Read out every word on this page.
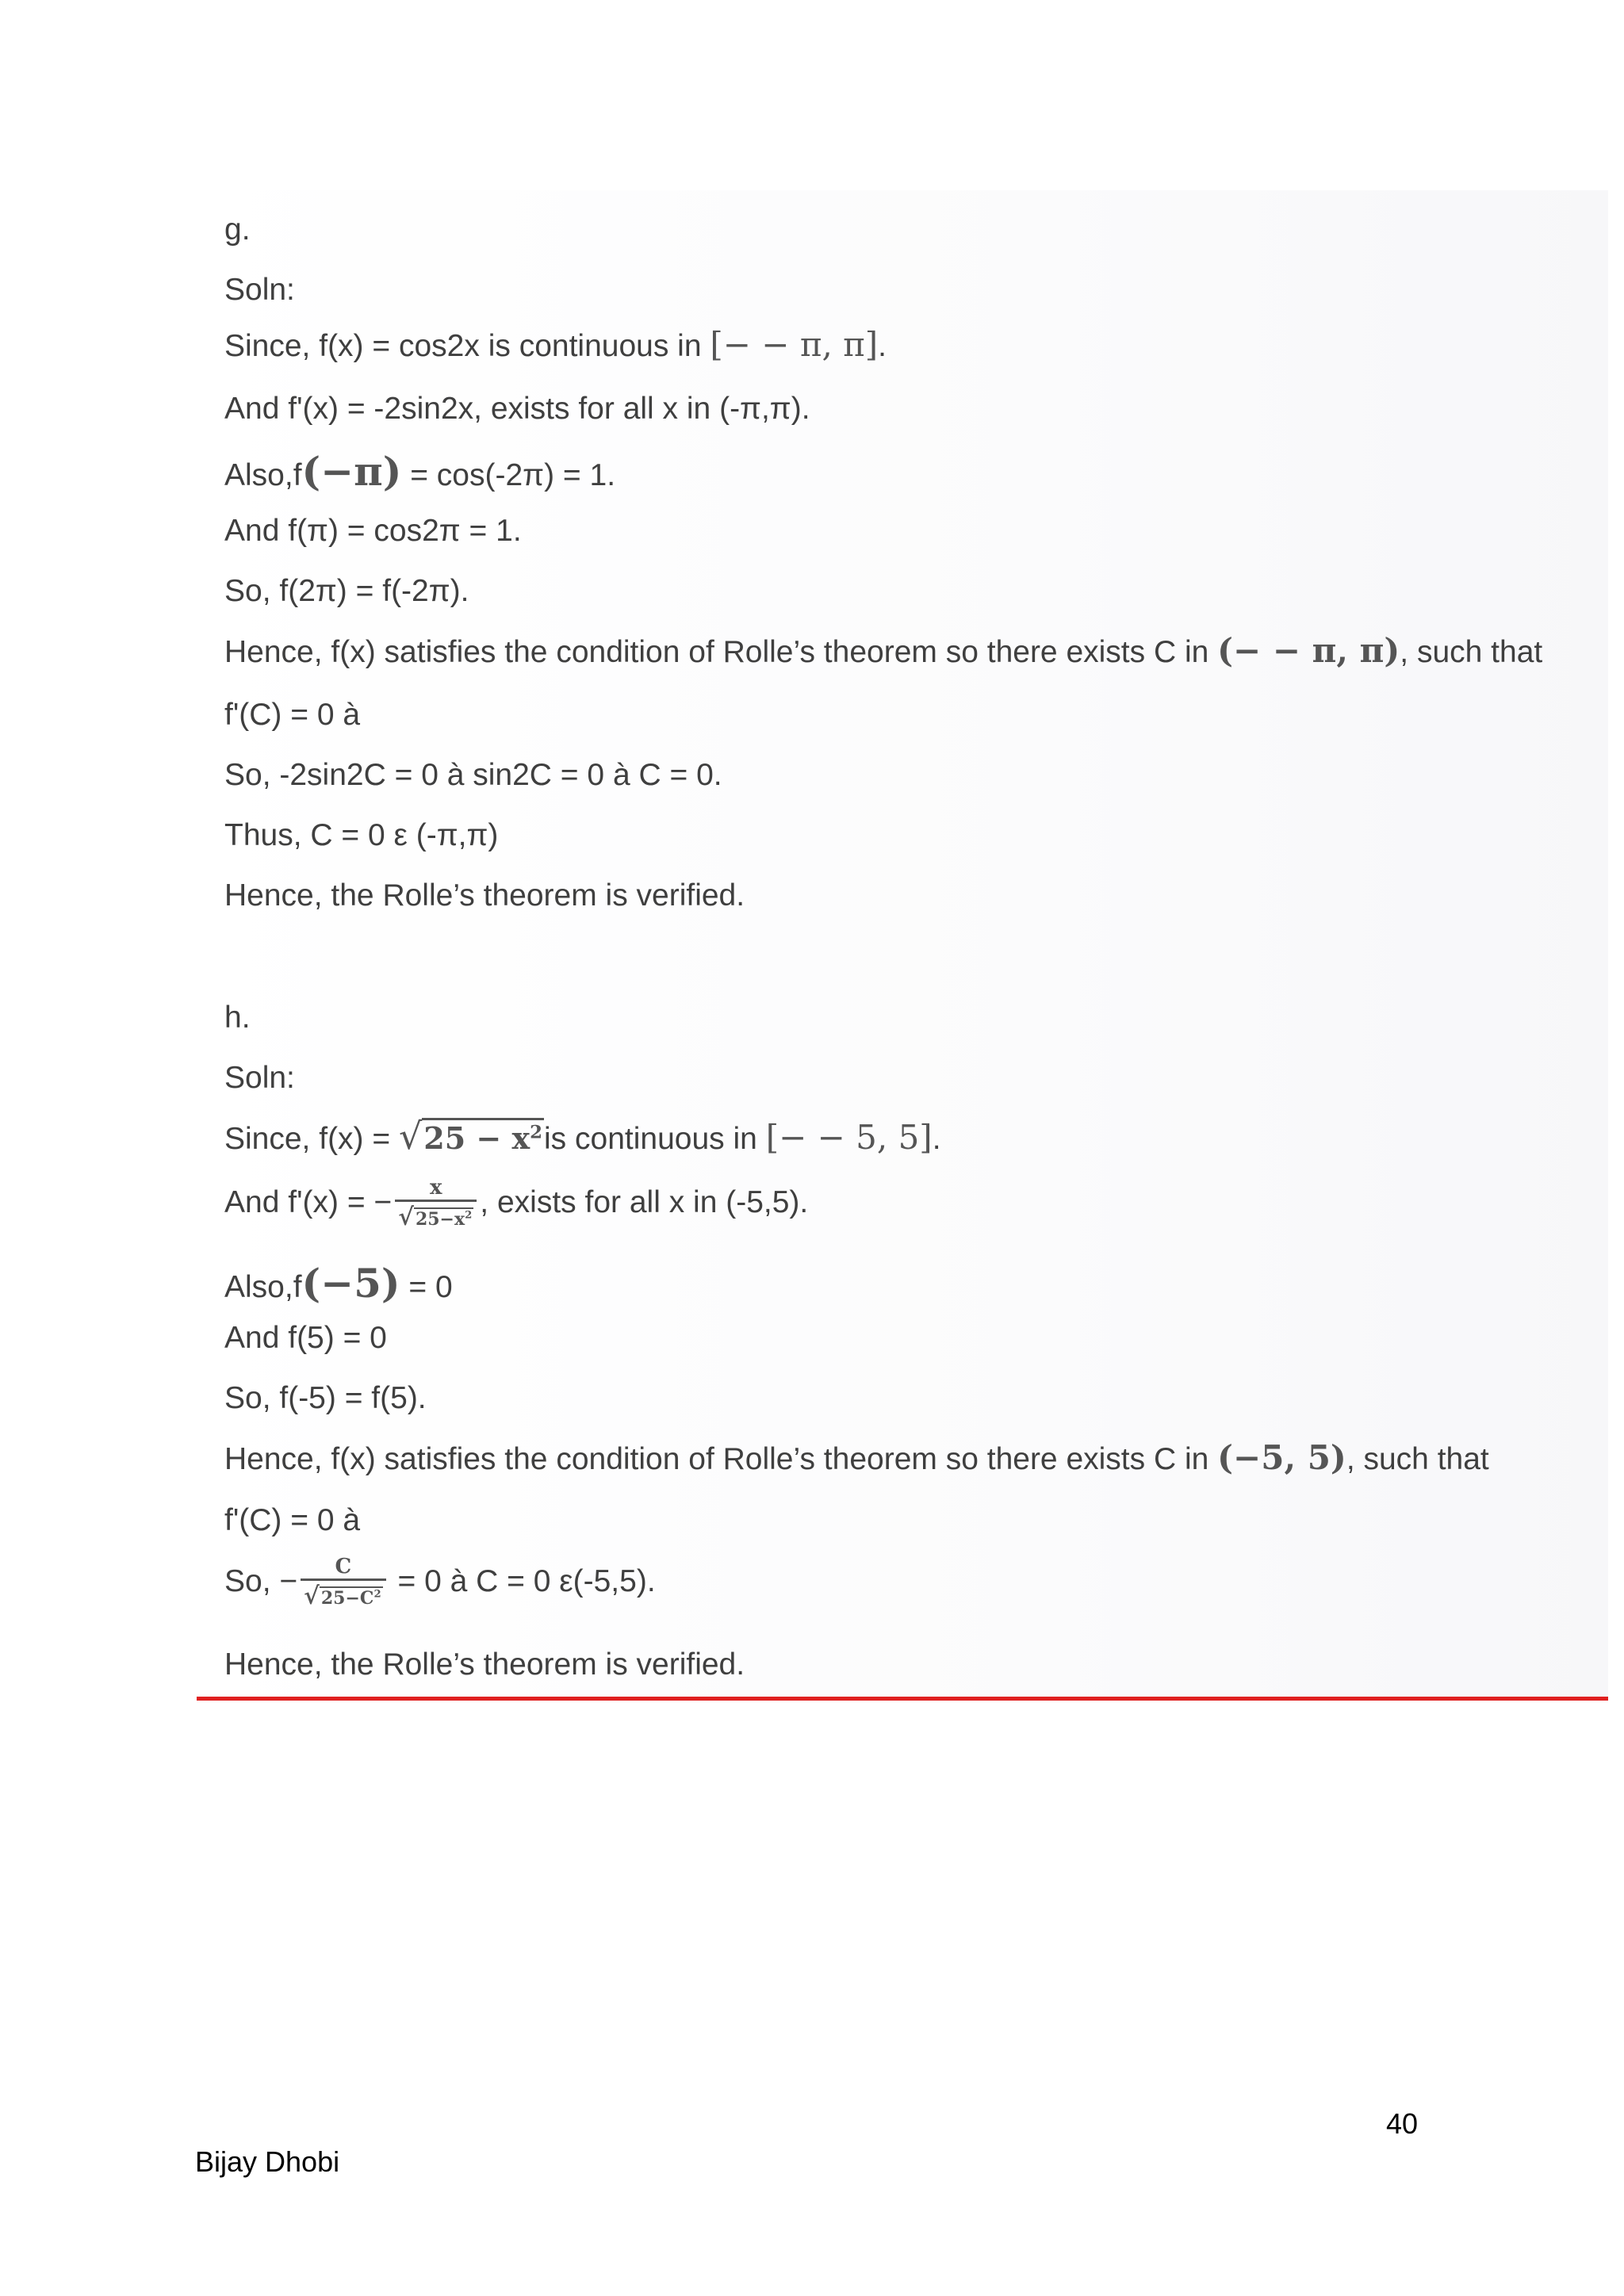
g.
Soln:
Since, f(x) = cos2x is continuous in [− − π, π].
And f'(x) = -2sin2x, exists for all x in (-π,π).
Also,f(−π) = cos(-2π) = 1.
And f(π) = cos2π = 1.
So, f(2π) = f(-2π).
Hence, f(x) satisfies the condition of Rolle’s theorem so there exists C in (− − π, π), such that
f'(C) = 0 à
So, -2sin2C = 0 à sin2C = 0 à C = 0.
Thus, C = 0 ε (-π,π)
Hence, the Rolle’s theorem is verified.
h.
Soln:
Since, $f(x) = √25 - x^2is$ continuous in [− − 5, 5].
And f'(x) = − $\frac{x}{√25-x^2}$ , exists for all x in (-5,5).
Also,f(−5) = 0
And f(5) = 0
So, f(-5) = f(5).
Hence, f(x) satisfies the condition of Rolle’s theorem so there exists C in (−5, 5), such that
f'(C) = 0 à
So, − $\frac{C}{√25-C^2} = 0$ à C = 0 ε(-5,5).
Hence, the Rolle’s theorem is verified.
40
Bijay Dhobi
